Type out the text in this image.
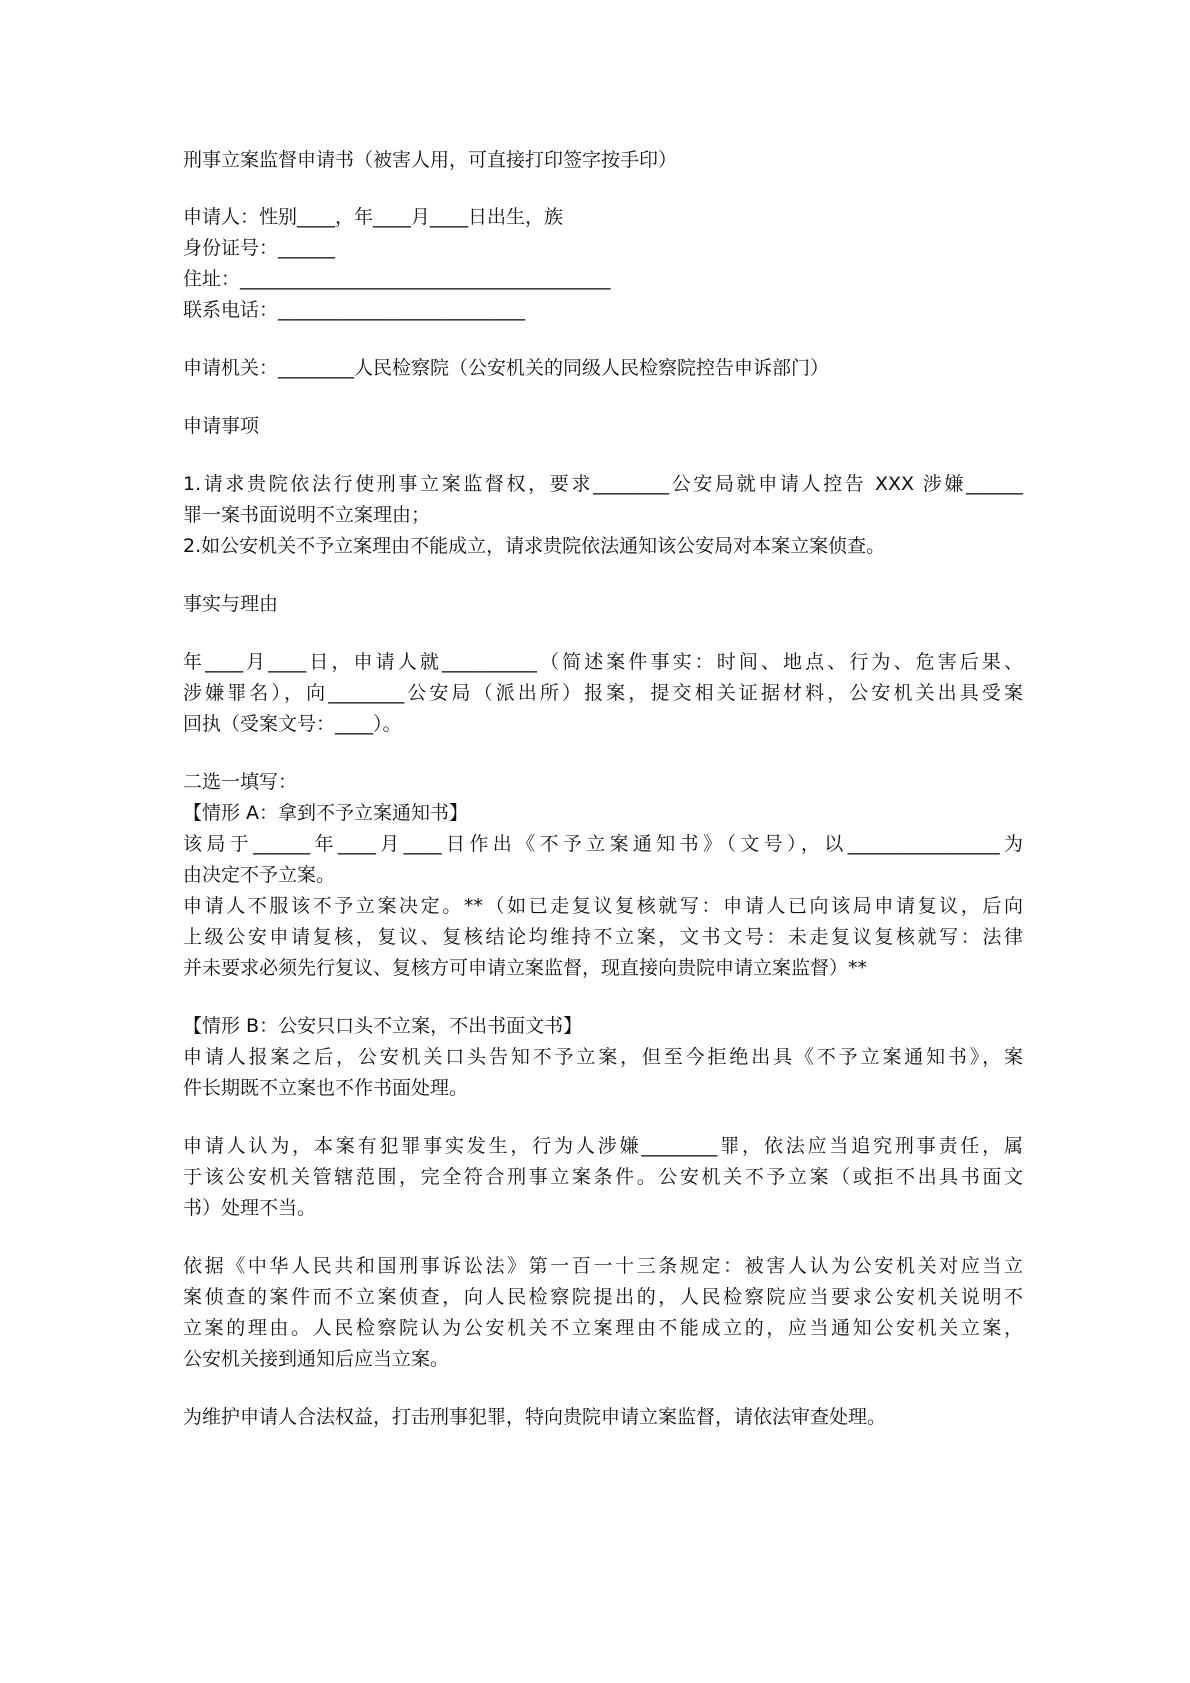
刑事立案监督申请书（被害人用，可直接打印签字按手印）
申请人：性别____，年____月____日出生，族
身份证号：______
住址：_______________________________________
联系电话：__________________________
申请机关：________人民检察院（公安机关的同级人民检察院控告申诉部门）
申请事项
1.请求贵院依法行使刑事立案监督权，要求________公安局就申请人控告 XXX 涉嫌______
罪一案书面说明不立案理由；
2.如公安机关不予立案理由不能成立，请求贵院依法通知该公安局对本案立案侦查。
事实与理由
年____月____日，申请人就__________（简述案件事实：时间、地点、行为、危害后果、
涉嫌罪名），向________公安局（派出所）报案，提交相关证据材料，公安机关出具受案
回执（受案文号：____）。
二选一填写：
【情形 A：拿到不予立案通知书】
该局于______年____月____日作出《不予立案通知书》（文号），以________________为
由决定不予立案。
申请人不服该不予立案决定。**（如已走复议复核就写：申请人已向该局申请复议，后向
上级公安申请复核，复议、复核结论均维持不立案，文书文号：未走复议复核就写：法律
并未要求必须先行复议、复核方可申请立案监督，现直接向贵院申请立案监督）**
【情形 B：公安只口头不立案，不出书面文书】
申请人报案之后，公安机关口头告知不予立案，但至今拒绝出具《不予立案通知书》，案
件长期既不立案也不作书面处理。
申请人认为，本案有犯罪事实发生，行为人涉嫌________罪，依法应当追究刑事责任，属
于该公安机关管辖范围，完全符合刑事立案条件。公安机关不予立案（或拒不出具书面文
书）处理不当。
依据《中华人民共和国刑事诉讼法》第一百一十三条规定：被害人认为公安机关对应当立
案侦查的案件而不立案侦查，向人民检察院提出的，人民检察院应当要求公安机关说明不
立案的理由。人民检察院认为公安机关不立案理由不能成立的，应当通知公安机关立案，
公安机关接到通知后应当立案。
为维护申请人合法权益，打击刑事犯罪，特向贵院申请立案监督，请依法审查处理。
